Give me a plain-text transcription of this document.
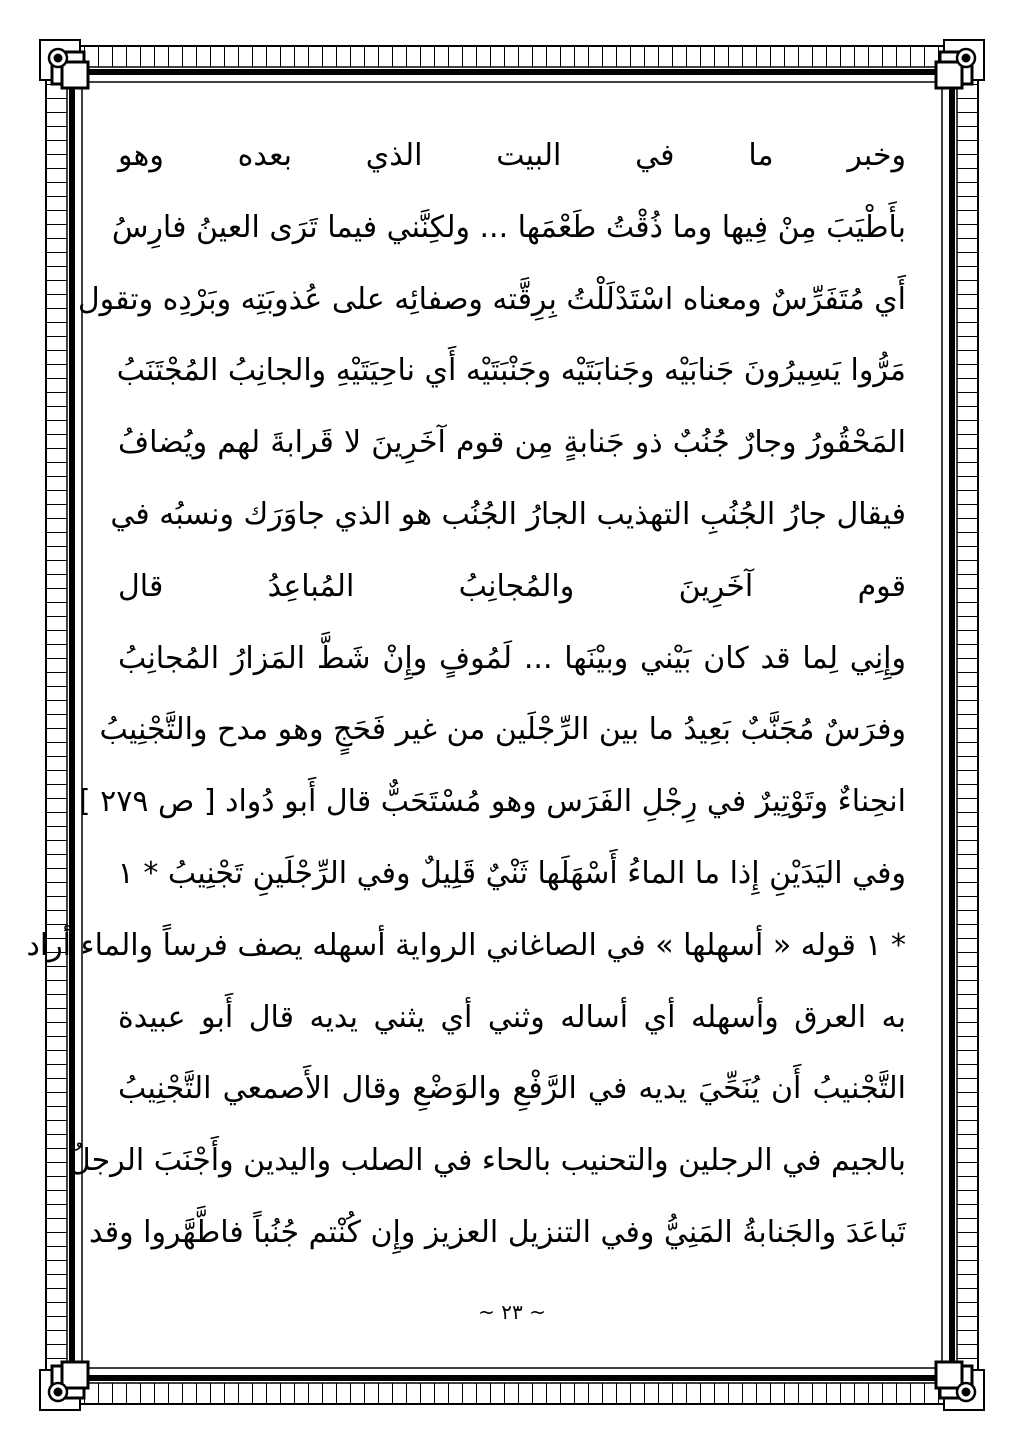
وخبر ما في البيت الذي بعده وهو
بأَطْيَبَ مِنْ فِيها وما ذُقْتُ طَعْمَها ... ولكِنَّني فيما تَرَى العينُ فارِسُ
أَي مُتَفَرِّسٌ ومعناه اسْتَدْلَلْتُ بِرِقَّته وصفائِه على عُذوبَتِه وبَرْدِه وتقول
مَرُّوا يَسِيرُونَ جَنابَيْه وجَنابَتَيْه وجَنْبَتَيْه أَي ناحِيَتَيْهِ والجانِبُ المُجْتَنَبُ
المَحْقُورُ وجارٌ جُنُبٌ ذو جَنابةٍ مِن قوم آخَرِينَ لا قَرابةَ لهم ويُضافُ
فيقال جارُ الجُنُبِ التهذيب الجارُ الجُنُب هو الذي جاوَرَك ونسبُه في
قوم آخَرِينَ والمُجانِبُ المُباعِدُ قال
وإِنِي لِما قد كان بَيْني وبيْنَها ... لَمُوفٍ وإِنْ شَطَّ المَزارُ المُجانِبُ
وفرَسٌ مُجَنَّبٌ بَعِيدُ ما بين الرِّجْلَين من غير فَحَجٍ وهو مدح والتَّجْنِيبُ
انحِناءٌ وتَوْتِيرٌ في رِجْلِ الفَرَس وهو مُسْتَحَبٌّ قال أَبو دُواد [ ص ٢٧٩ ]
وفي اليَدَيْنِ إِذا ما الماءُ أَسْهَلَها ثَنْيٌ قَلِيلٌ وفي الرِّجْلَينِ تَجْنِيبُ * ١
* ١ قوله « أسهلها » في الصاغاني الرواية أسهله يصف فرساً والماء أراد
به العرق وأسهله أي أساله وثني أي يثني يديه قال أَبو عبيدة
التَّجْنيبُ أَن يُنَحِّيَ يديه في الرَّفْعِ والوَضْعِ وقال الأَصمعي التَّجْنِيبُ
بالجيم في الرجلين والتحنيب بالحاء في الصلب واليدين وأَجْنَبَ الرجلُ
تَباعَدَ والجَنابةُ المَنِيُّ وفي التنزيل العزيز وإِن كُنْتم جُنُباً فاطَّهَّروا وقد
~ ٢٣ ~
